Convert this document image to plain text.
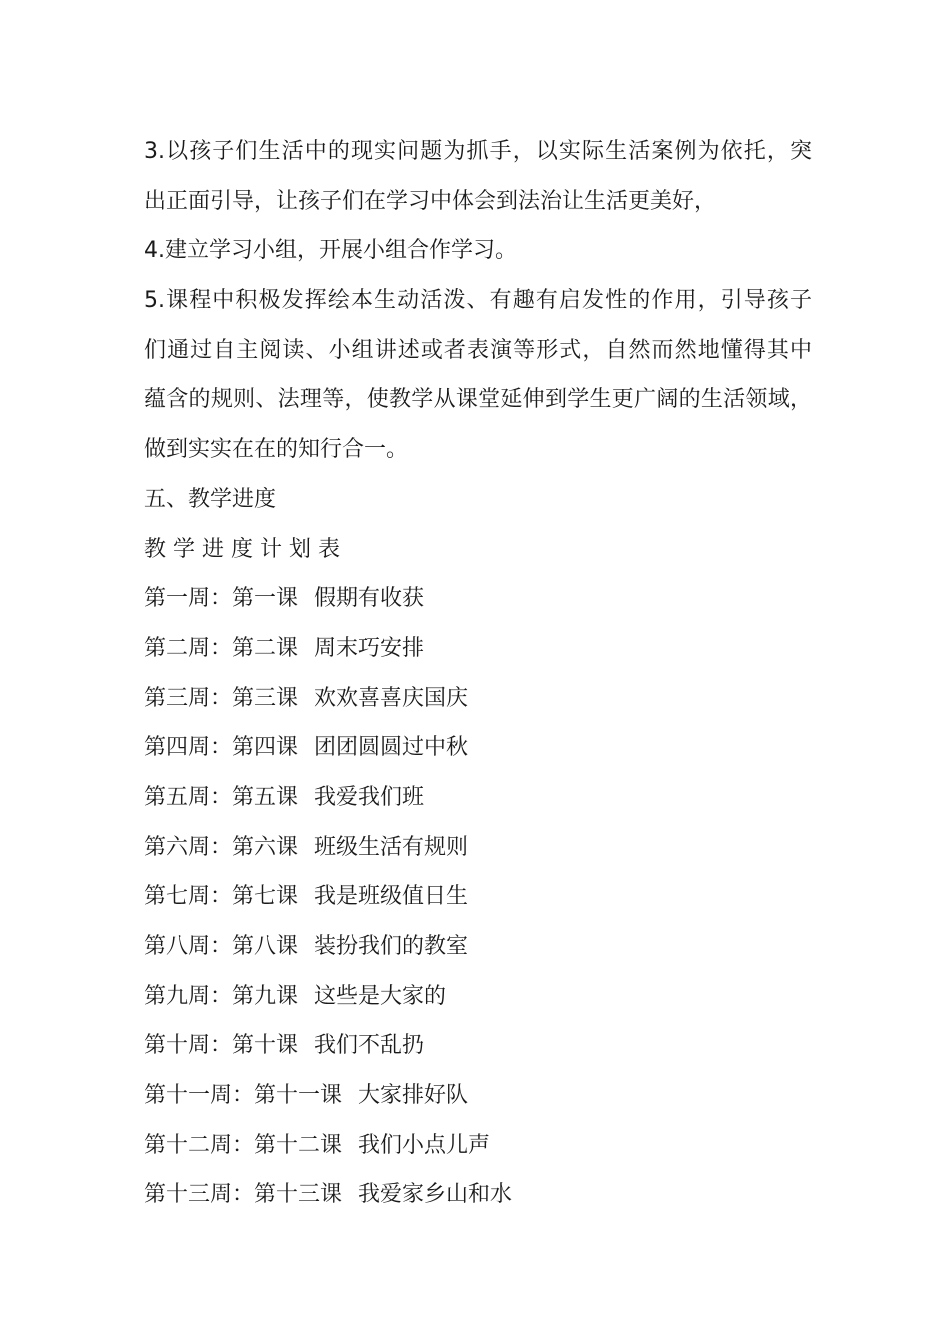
3.以孩子们生活中的现实问题为抓手，以实际生活案例为依托，突
出正面引导，让孩子们在学习中体会到法治让生活更美好，
4.建立学习小组，开展小组合作学习。
5.课程中积极发挥绘本生动活泼、有趣有启发性的作用，引导孩子
们通过自主阅读、小组讲述或者表演等形式，自然而然地懂得其中
蕴含的规则、法理等，使教学从课堂延伸到学生更广阔的生活领域，
做到实实在在的知行合一。
五、教学进度
教学进度计划表
第一周：第一课 假期有收获
第二周：第二课 周末巧安排
第三周：第三课 欢欢喜喜庆国庆
第四周：第四课 团团圆圆过中秋
第五周：第五课 我爱我们班
第六周：第六课 班级生活有规则
第七周：第七课 我是班级值日生
第八周：第八课 装扮我们的教室
第九周：第九课 这些是大家的
第十周：第十课 我们不乱扔
第十一周：第十一课 大家排好队
第十二周：第十二课 我们小点儿声
第十三周：第十三课 我爱家乡山和水
